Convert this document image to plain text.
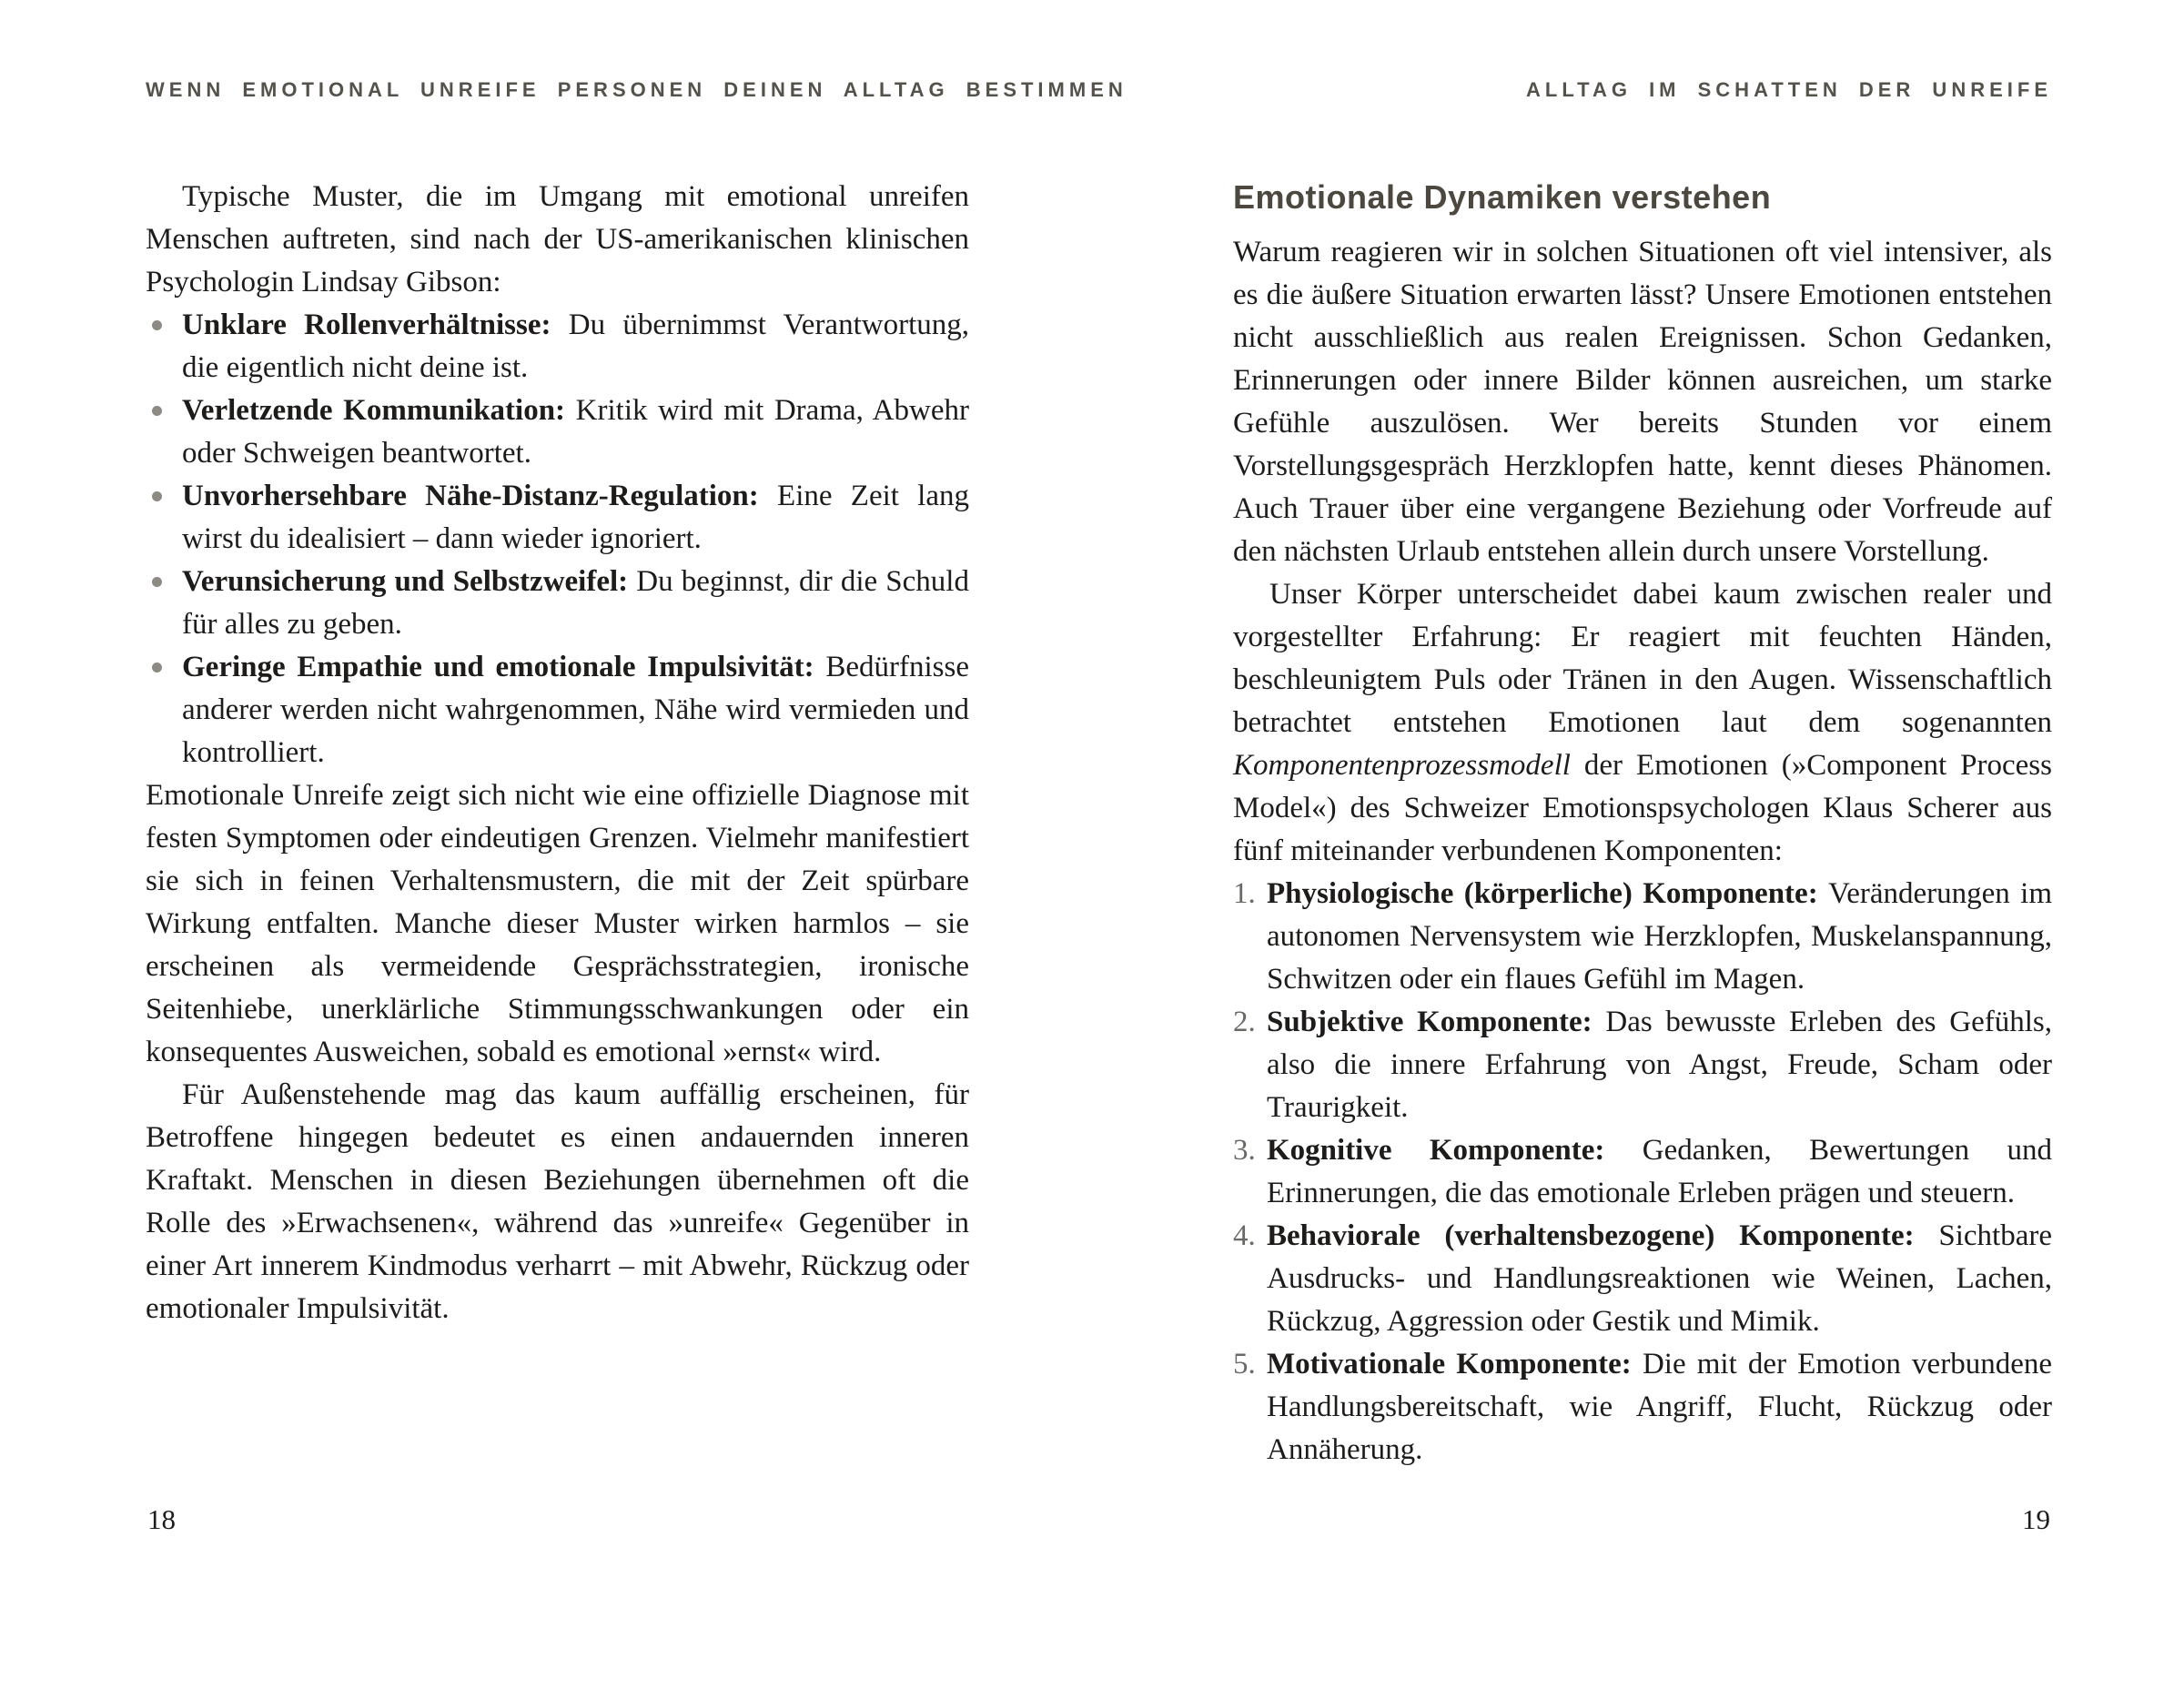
WENN EMOTIONAL UNREIFE PERSONEN DEINEN ALLTAG BESTIMMEN

Typische Muster, die im Umgang mit emotional unreifen Menschen auftreten, sind nach der US-amerikanischen klinischen Psychologin Lindsay Gibson:

Unklare Rollenverhältnisse: Du übernimmst Verantwortung, die eigentlich nicht deine ist.
Verletzende Kommunikation: Kritik wird mit Drama, Abwehr oder Schweigen beantwortet.
Unvorhersehbare Nähe-Distanz-Regulation: Eine Zeit lang wirst du idealisiert – dann wieder ignoriert.
Verunsicherung und Selbstzweifel: Du beginnst, dir die Schuld für alles zu geben.
Geringe Empathie und emotionale Impulsivität: Bedürfnisse anderer werden nicht wahrgenommen, Nähe wird vermieden und kontrolliert.

Emotionale Unreife zeigt sich nicht wie eine offizielle Diagnose mit festen Symptomen oder eindeutigen Grenzen. Vielmehr manifestiert sie sich in feinen Verhaltensmustern, die mit der Zeit spürbare Wirkung entfalten. Manche dieser Muster wirken harmlos – sie erscheinen als vermeidende Gesprächsstrategien, ironische Seitenhiebe, unerklärliche Stimmungsschwankungen oder ein konsequentes Ausweichen, sobald es emotional »ernst« wird.

Für Außenstehende mag das kaum auffällig erscheinen, für Betroffene hingegen bedeutet es einen andauernden inneren Kraftakt. Menschen in diesen Beziehungen übernehmen oft die Rolle des »Erwachsenen«, während das »unreife« Gegenüber in einer Art innerem Kindmodus verharrt – mit Abwehr, Rückzug oder emotionaler Impulsivität.

18
ALLTAG IM SCHATTEN DER UNREIFE
Emotionale Dynamiken verstehen

Warum reagieren wir in solchen Situationen oft viel intensiver, als es die äußere Situation erwarten lässt? Unsere Emotionen entstehen nicht ausschließlich aus realen Ereignissen. Schon Gedanken, Erinnerungen oder innere Bilder können ausreichen, um starke Gefühle auszulösen. Wer bereits Stunden vor einem Vorstellungsgespräch Herzklopfen hatte, kennt dieses Phänomen. Auch Trauer über eine vergangene Beziehung oder Vorfreude auf den nächsten Urlaub entstehen allein durch unsere Vorstellung.

Unser Körper unterscheidet dabei kaum zwischen realer und vorgestellter Erfahrung: Er reagiert mit feuchten Händen, beschleunigtem Puls oder Tränen in den Augen. Wissenschaftlich betrachtet entstehen Emotionen laut dem sogenannten Komponentenprozessmodell der Emotionen (»Component Process Model«) des Schweizer Emotionspsychologen Klaus Scherer aus fünf miteinander verbundenen Komponenten:

1. Physiologische (körperliche) Komponente: Veränderungen im autonomen Nervensystem wie Herzklopfen, Muskelanspannung, Schwitzen oder ein flaues Gefühl im Magen.
2. Subjektive Komponente: Das bewusste Erleben des Gefühls, also die innere Erfahrung von Angst, Freude, Scham oder Traurigkeit.
3. Kognitive Komponente: Gedanken, Bewertungen und Erinnerungen, die das emotionale Erleben prägen und steuern.
4. Behaviorale (verhaltensbezogene) Komponente: Sichtbare Ausdrucks- und Handlungsreaktionen wie Weinen, Lachen, Rückzug, Aggression oder Gestik und Mimik.
5. Motivationale Komponente: Die mit der Emotion verbundene Handlungsbereitschaft, wie Angriff, Flucht, Rückzug oder Annäherung.
19
